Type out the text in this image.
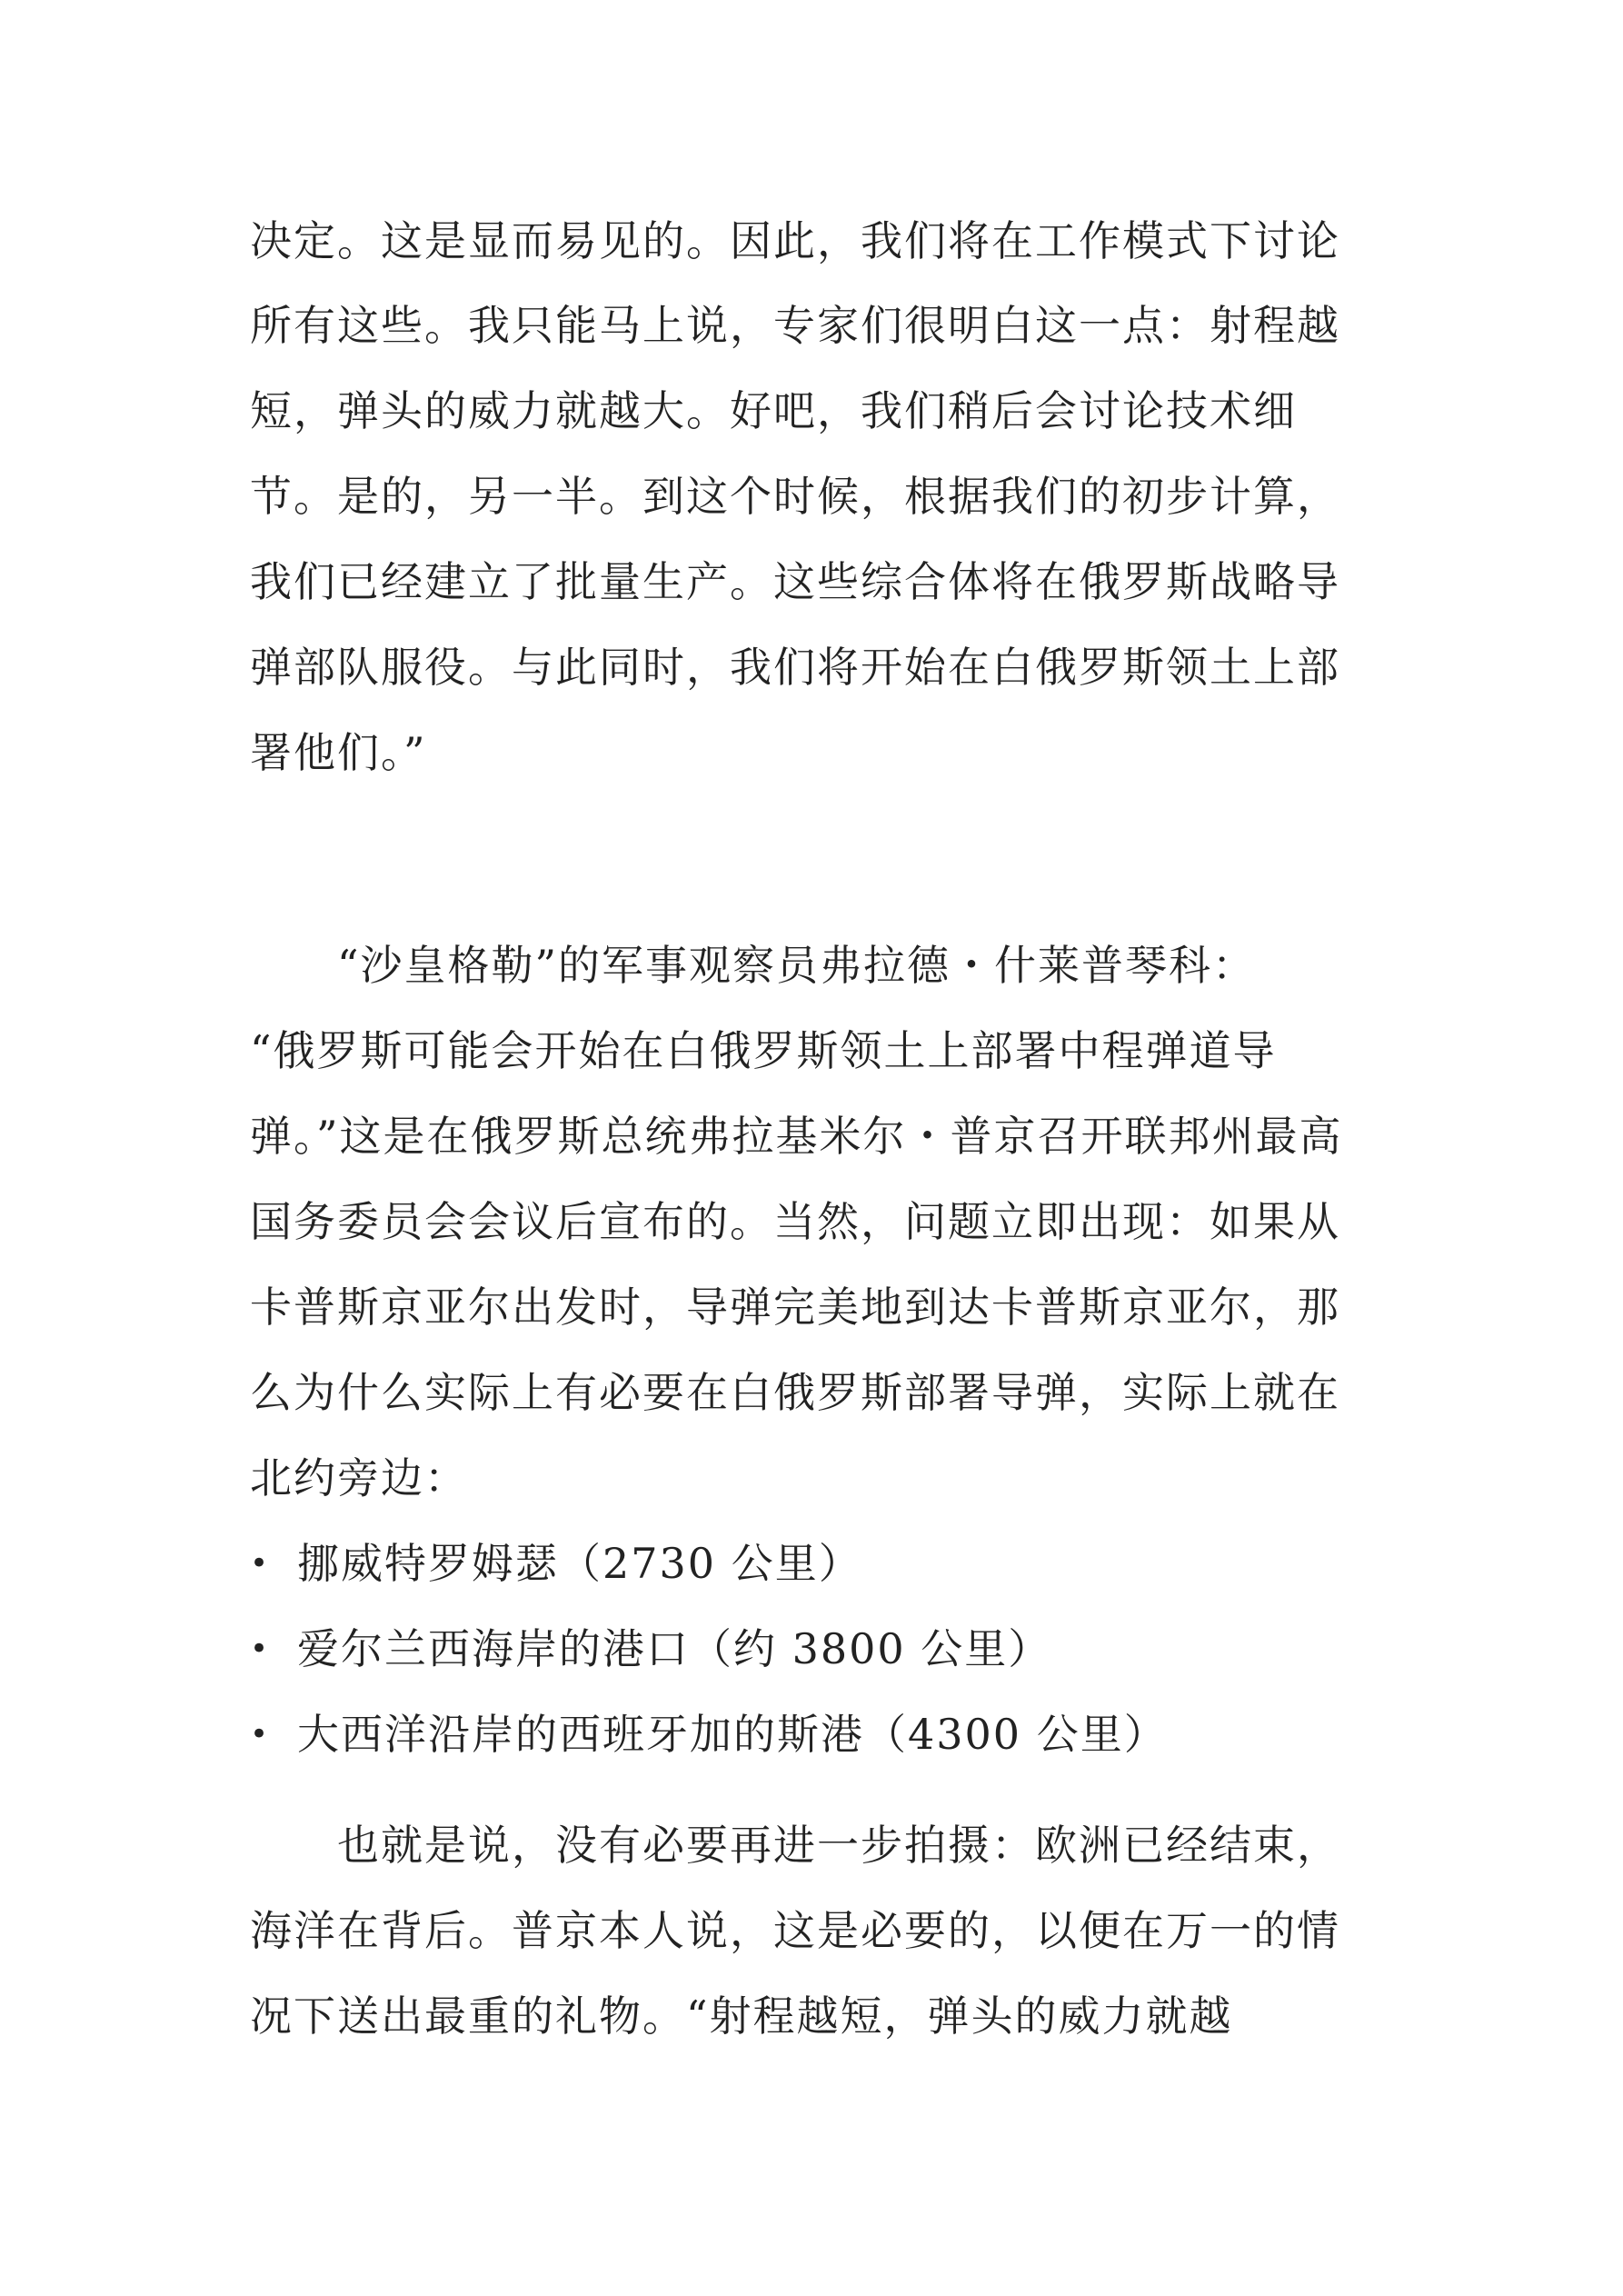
决定。这是显而易见的。因此，我们将在工作模式下讨论
所有这些。我只能马上说，专家们很明白这一点：射程越
短，弹头的威力就越大。好吧，我们稍后会讨论技术细
节。是的，另一半。到这个时候，根据我们的初步计算，
我们已经建立了批量生产。这些综合体将在俄罗斯战略导
弹部队服役。与此同时，我们将开始在白俄罗斯领土上部
署他们。”
“沙皇格勒”的军事观察员弗拉德・什莱普琴科：
“俄罗斯可能会开始在白俄罗斯领土上部署中程弹道导
弹。”这是在俄罗斯总统弗拉基米尔・普京召开联邦州最高
国务委员会会议后宣布的。当然，问题立即出现：如果从
卡普斯京亚尔出发时，导弹完美地到达卡普斯京亚尔，那
么为什么实际上有必要在白俄罗斯部署导弹，实际上就在
北约旁边：
• 挪威特罗姆瑟（2730 公里）
• 爱尔兰西海岸的港口（约 3800 公里）
• 大西洋沿岸的西班牙加的斯港（4300 公里）
也就是说，没有必要再进一步拍摄：欧洲已经结束，
海洋在背后。普京本人说，这是必要的，以便在万一的情
况下送出最重的礼物。“射程越短，弹头的威力就越
